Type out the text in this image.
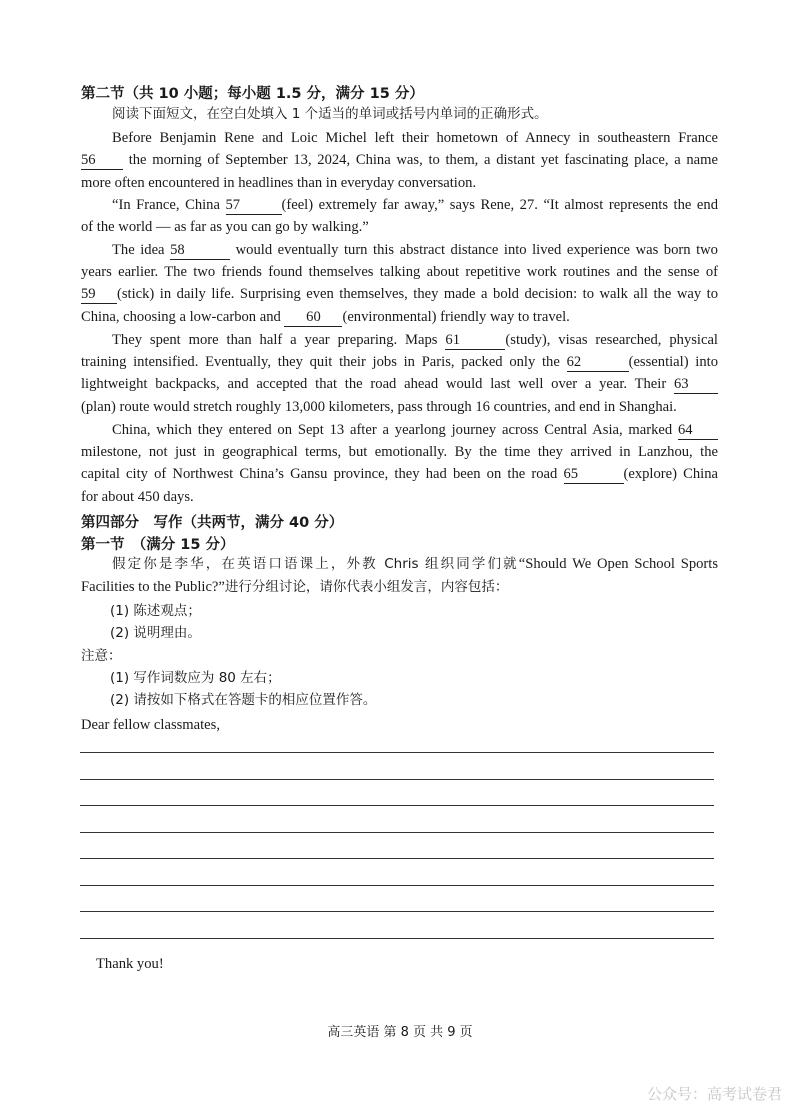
第二节（共 10 小题；每小题 1.5 分，满分 15 分）
阅读下面短文，在空白处填入 1 个适当的单词或括号内单词的正确形式。
Before Benjamin Rene and Loic Michel left their hometown of Annecy in southeastern France
56 the morning of September 13, 2024, China was, to them, a distant yet fascinating place, a name
more often encountered in headlines than in everyday conversation.
“In France, China 57	(feel) extremely far away,” says Rene, 27. “It almost represents the end
of the world — as far as you can go by walking.”
The idea 58	would eventually turn this abstract distance into lived experience was born two
years earlier. The two friends found themselves talking about repetitive work routines and the sense of
59 (stick) in daily life. Surprising even themselves, they made a bold decision: to walk all the way to
China, choosing a low-carbon and 60 (environmental) friendly way to travel.
They spent more than half a year preparing. Maps 61	(study), visas researched, physical
training intensified. Eventually, they quit their jobs in Paris, packed only the 62	(essential) into
lightweight backpacks, and accepted that the road ahead would last well over a year. Their 63
(plan) route would stretch roughly 13,000 kilometers, pass through 16 countries, and end in Shanghai.
China, which they entered on Sept 13 after a yearlong journey across Central Asia, marked 64
milestone, not just in geographical terms, but emotionally. By the time they arrived in Lanzhou, the
capital city of Northwest China’s Gansu province, they had been on the road 65	(explore) China
for about 450 days.
第四部分　写作（共两节，满分 40 分）
第一节　（满分 15 分）
假定你是李华，在英语口语课上，外教 Chris 组织同学们就“Should We Open School Sports
Facilities to the Public?”进行分组讨论，请你代表小组发言，内容包括：
(1) 陈述观点；
(2) 说明理由。
注意：
(1) 写作词数应为 80 左右；
(2) 请按如下格式在答题卡的相应位置作答。
Dear fellow classmates,
Thank you!
高三英语 第 8 页 共 9 页
公众号：高考试卷君
